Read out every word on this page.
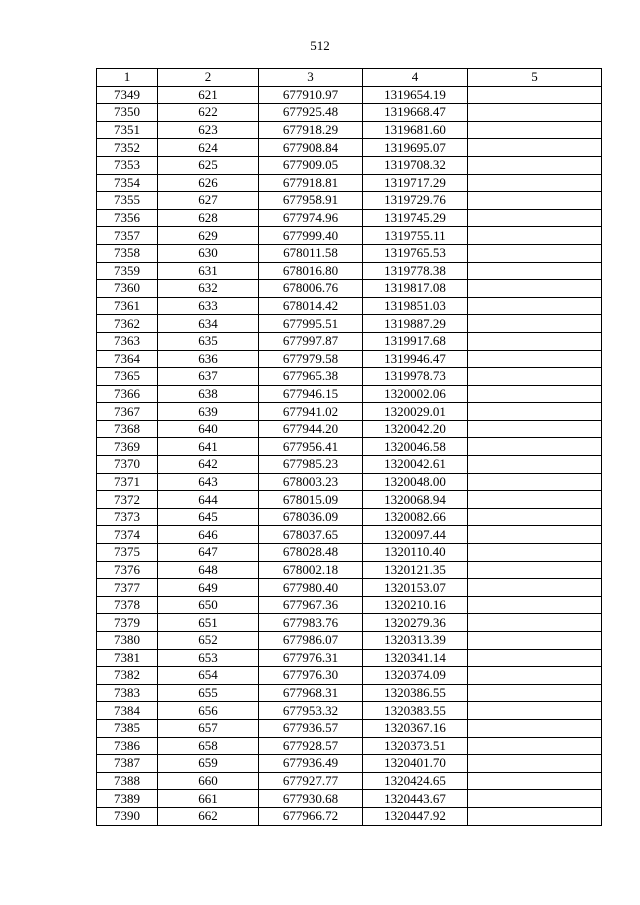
512
1	2	3	4	5
7349	621	677910.97	1319654.19	
7350	622	677925.48	1319668.47	
7351	623	677918.29	1319681.60	
7352	624	677908.84	1319695.07	
7353	625	677909.05	1319708.32	
7354	626	677918.81	1319717.29	
7355	627	677958.91	1319729.76	
7356	628	677974.96	1319745.29	
7357	629	677999.40	1319755.11	
7358	630	678011.58	1319765.53	
7359	631	678016.80	1319778.38	
7360	632	678006.76	1319817.08	
7361	633	678014.42	1319851.03	
7362	634	677995.51	1319887.29	
7363	635	677997.87	1319917.68	
7364	636	677979.58	1319946.47	
7365	637	677965.38	1319978.73	
7366	638	677946.15	1320002.06	
7367	639	677941.02	1320029.01	
7368	640	677944.20	1320042.20	
7369	641	677956.41	1320046.58	
7370	642	677985.23	1320042.61	
7371	643	678003.23	1320048.00	
7372	644	678015.09	1320068.94	
7373	645	678036.09	1320082.66	
7374	646	678037.65	1320097.44	
7375	647	678028.48	1320110.40	
7376	648	678002.18	1320121.35	
7377	649	677980.40	1320153.07	
7378	650	677967.36	1320210.16	
7379	651	677983.76	1320279.36	
7380	652	677986.07	1320313.39	
7381	653	677976.31	1320341.14	
7382	654	677976.30	1320374.09	
7383	655	677968.31	1320386.55	
7384	656	677953.32	1320383.55	
7385	657	677936.57	1320367.16	
7386	658	677928.57	1320373.51	
7387	659	677936.49	1320401.70	
7388	660	677927.77	1320424.65	
7389	661	677930.68	1320443.67	
7390	662	677966.72	1320447.92	
